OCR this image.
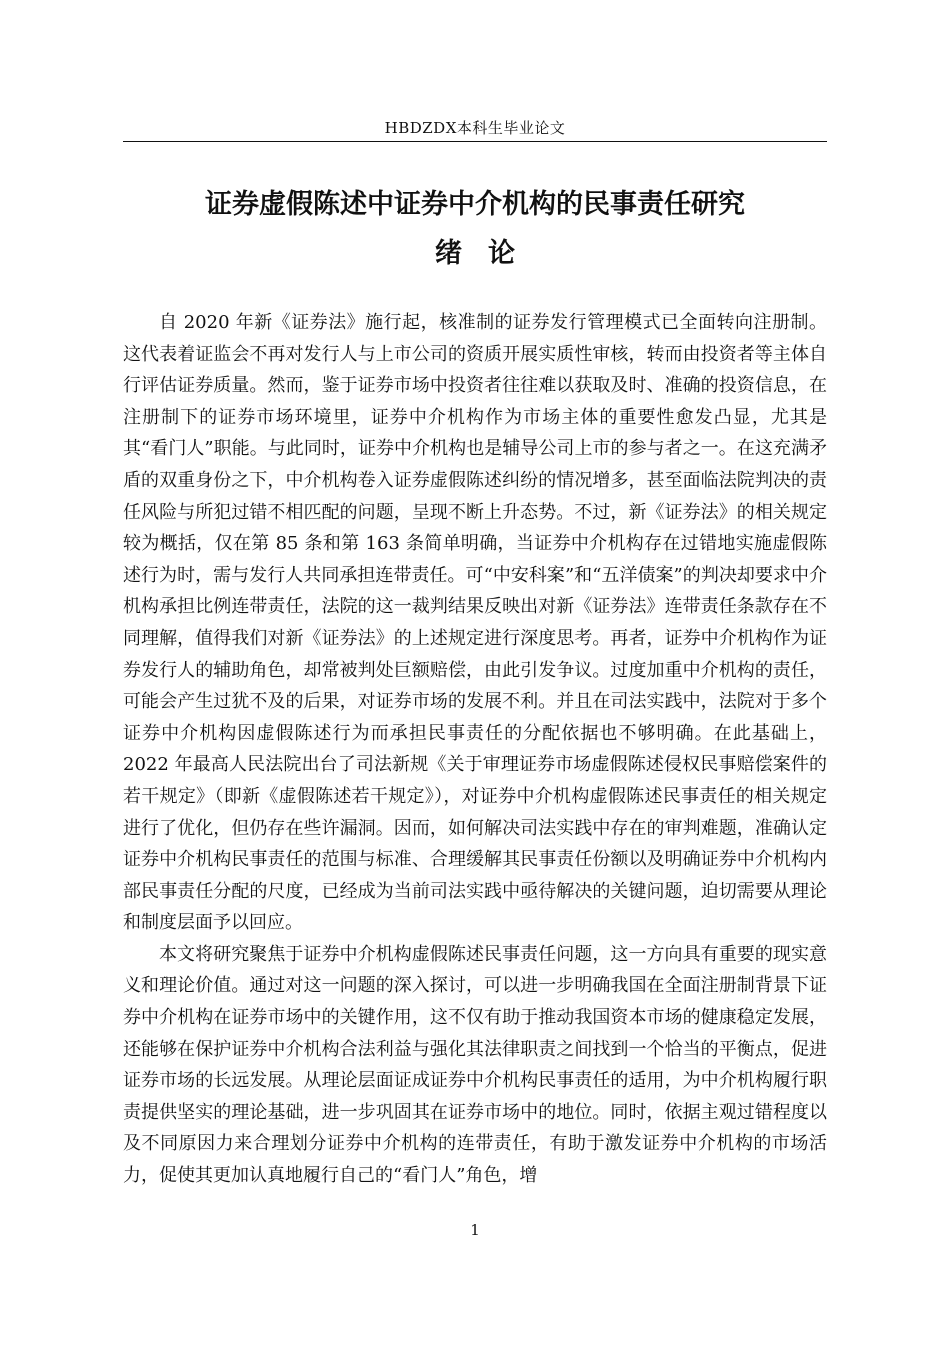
HBDZDX本科生毕业论文
证券虚假陈述中证券中介机构的民事责任研究
绪论

自 2020 年新《证券法》施行起，核准制的证券发行管理模式已全面转向注册制。这代表着证监会不再对发行人与上市公司的资质开展实质性审核，转而由投资者等主体自行评估证券质量。然而，鉴于证券市场中投资者往往难以获取及时、准确的投资信息，在注册制下的证券市场环境里，证券中介机构作为市场主体的重要性愈发凸显，尤其是其“看门人”职能。与此同时，证券中介机构也是辅导公司上市的参与者之一。在这充满矛盾的双重身份之下，中介机构卷入证券虚假陈述纠纷的情况增多，甚至面临法院判决的责任风险与所犯过错不相匹配的问题，呈现不断上升态势。不过，新《证券法》的相关规定较为概括，仅在第 85 条和第 163 条简单明确，当证券中介机构存在过错地实施虚假陈述行为时，需与发行人共同承担连带责任。可“中安科案”和“五洋债案”的判决却要求中介机构承担比例连带责任，法院的这一裁判结果反映出对新《证券法》连带责任条款存在不同理解，值得我们对新《证券法》的上述规定进行深度思考。再者，证券中介机构作为证券发行人的辅助角色，却常被判处巨额赔偿，由此引发争议。过度加重中介机构的责任，可能会产生过犹不及的后果，对证券市场的发展不利。并且在司法实践中，法院对于多个证券中介机构因虚假陈述行为而承担民事责任的分配依据也不够明确。在此基础上，2022 年最高人民法院出台了司法新规《关于审理证券市场虚假陈述侵权民事赔偿案件的若干规定》（即新《虚假陈述若干规定》），对证券中介机构虚假陈述民事责任的相关规定进行了优化，但仍存在些许漏洞。因而，如何解决司法实践中存在的审判难题，准确认定证券中介机构民事责任的范围与标准、合理缓解其民事责任份额以及明确证券中介机构内部民事责任分配的尺度，已经成为当前司法实践中亟待解决的关键问题，迫切需要从理论和制度层面予以回应。

本文将研究聚焦于证券中介机构虚假陈述民事责任问题，这一方向具有重要的现实意义和理论价值。通过对这一问题的深入探讨，可以进一步明确我国在全面注册制背景下证券中介机构在证券市场中的关键作用，这不仅有助于推动我国资本市场的健康稳定发展，还能够在保护证券中介机构合法利益与强化其法律职责之间找到一个恰当的平衡点，促进证券市场的长远发展。从理论层面证成证券中介机构民事责任的适用，为中介机构履行职责提供坚实的理论基础，进一步巩固其在证券市场中的地位。同时，依据主观过错程度以及不同原因力来合理划分证券中介机构的连带责任，有助于激发证券中介机构的市场活力，促使其更加认真地履行自己的“看门人”角色，增

1
